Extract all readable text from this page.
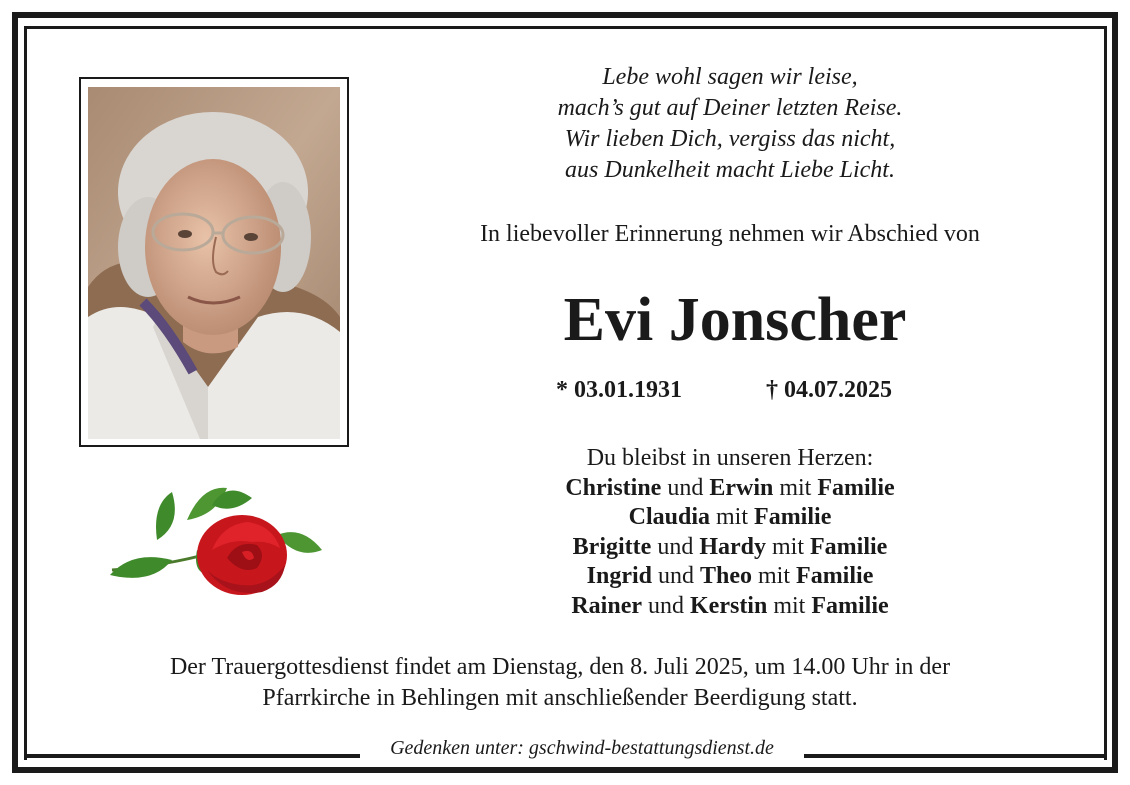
Lebe wohl sagen wir leise,
mach’s gut auf Deiner letzten Reise.
Wir lieben Dich, vergiss das nicht,
aus Dunkelheit macht Liebe Licht.
In liebevoller Erinnerung nehmen wir Abschied von
Evi Jonscher
* 03.01.1931	† 04.07.2025
Du bleibst in unseren Herzen:
Christine und Erwin mit Familie
Claudia mit Familie
Brigitte und Hardy mit Familie
Ingrid und Theo mit Familie
Rainer und Kerstin mit Familie
Der Trauergottesdienst findet am Dienstag, den 8. Juli 2025, um 14.00 Uhr in der
Pfarrkirche in Behlingen mit anschließender Beerdigung statt.
Gedenken unter: gschwind-bestattungsdienst.de
